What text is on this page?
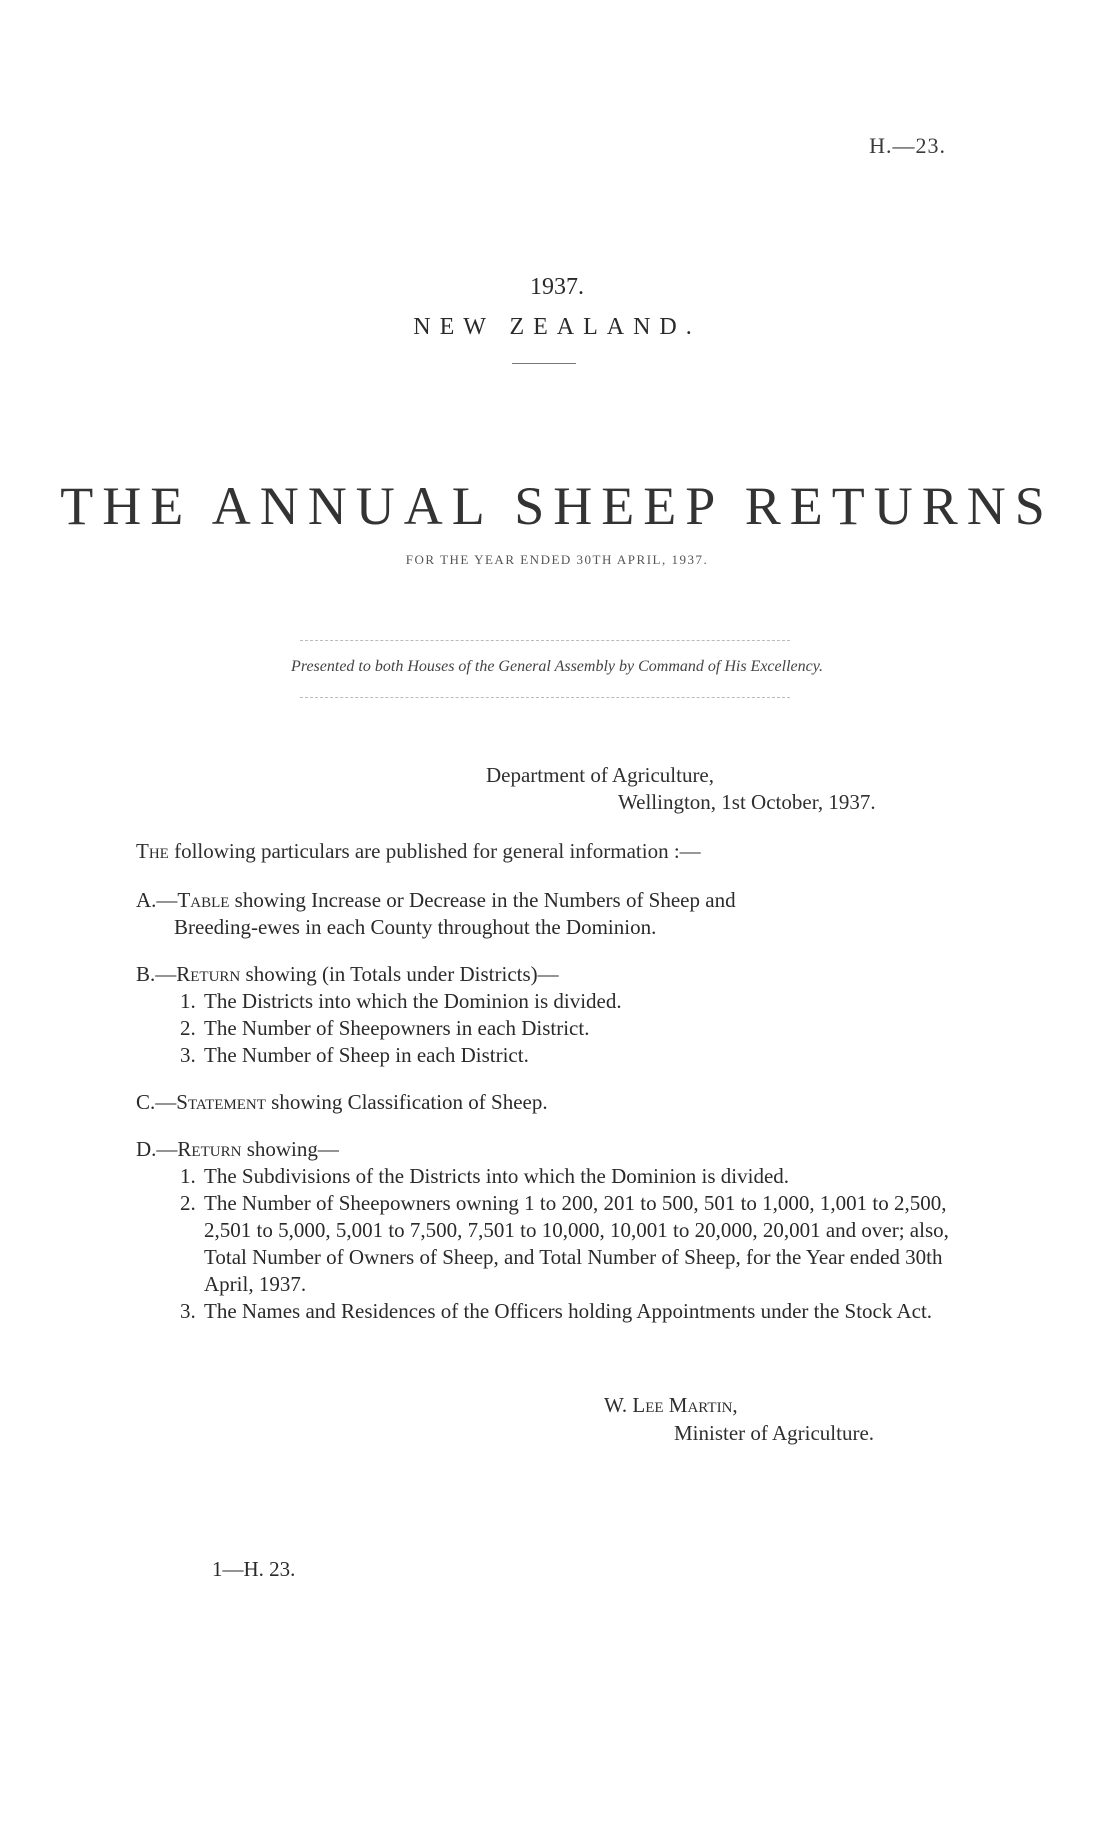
H.—23.
1937.
NEW ZEALAND.
THE ANNUAL SHEEP RETURNS
FOR THE YEAR ENDED 30TH APRIL, 1937.
Presented to both Houses of the General Assembly by Command of His Excellency.
Department of Agriculture,
Wellington, 1st October, 1937.
The following particulars are published for general information :—
A.—Table showing Increase or Decrease in the Numbers of Sheep and
Breeding-ewes in each County throughout the Dominion.
B.—Return showing (in Totals under Districts)—
1. The Districts into which the Dominion is divided.
2. The Number of Sheepowners in each District.
3. The Number of Sheep in each District.
C.—Statement showing Classification of Sheep.
D.—Return showing—
1. The Subdivisions of the Districts into which the Dominion is divided.
2. The Number of Sheepowners owning 1 to 200, 201 to 500, 501 to 1,000, 1,001 to 2,500, 2,501 to 5,000, 5,001 to 7,500, 7,501 to 10,000, 10,001 to 20,000, 20,001 and over; also, Total Number of Owners of Sheep, and Total Number of Sheep, for the Year ended 30th April, 1937.
3. The Names and Residences of the Officers holding Appointments under the Stock Act.
W. Lee Martin,
Minister of Agriculture.
1—H. 23.
